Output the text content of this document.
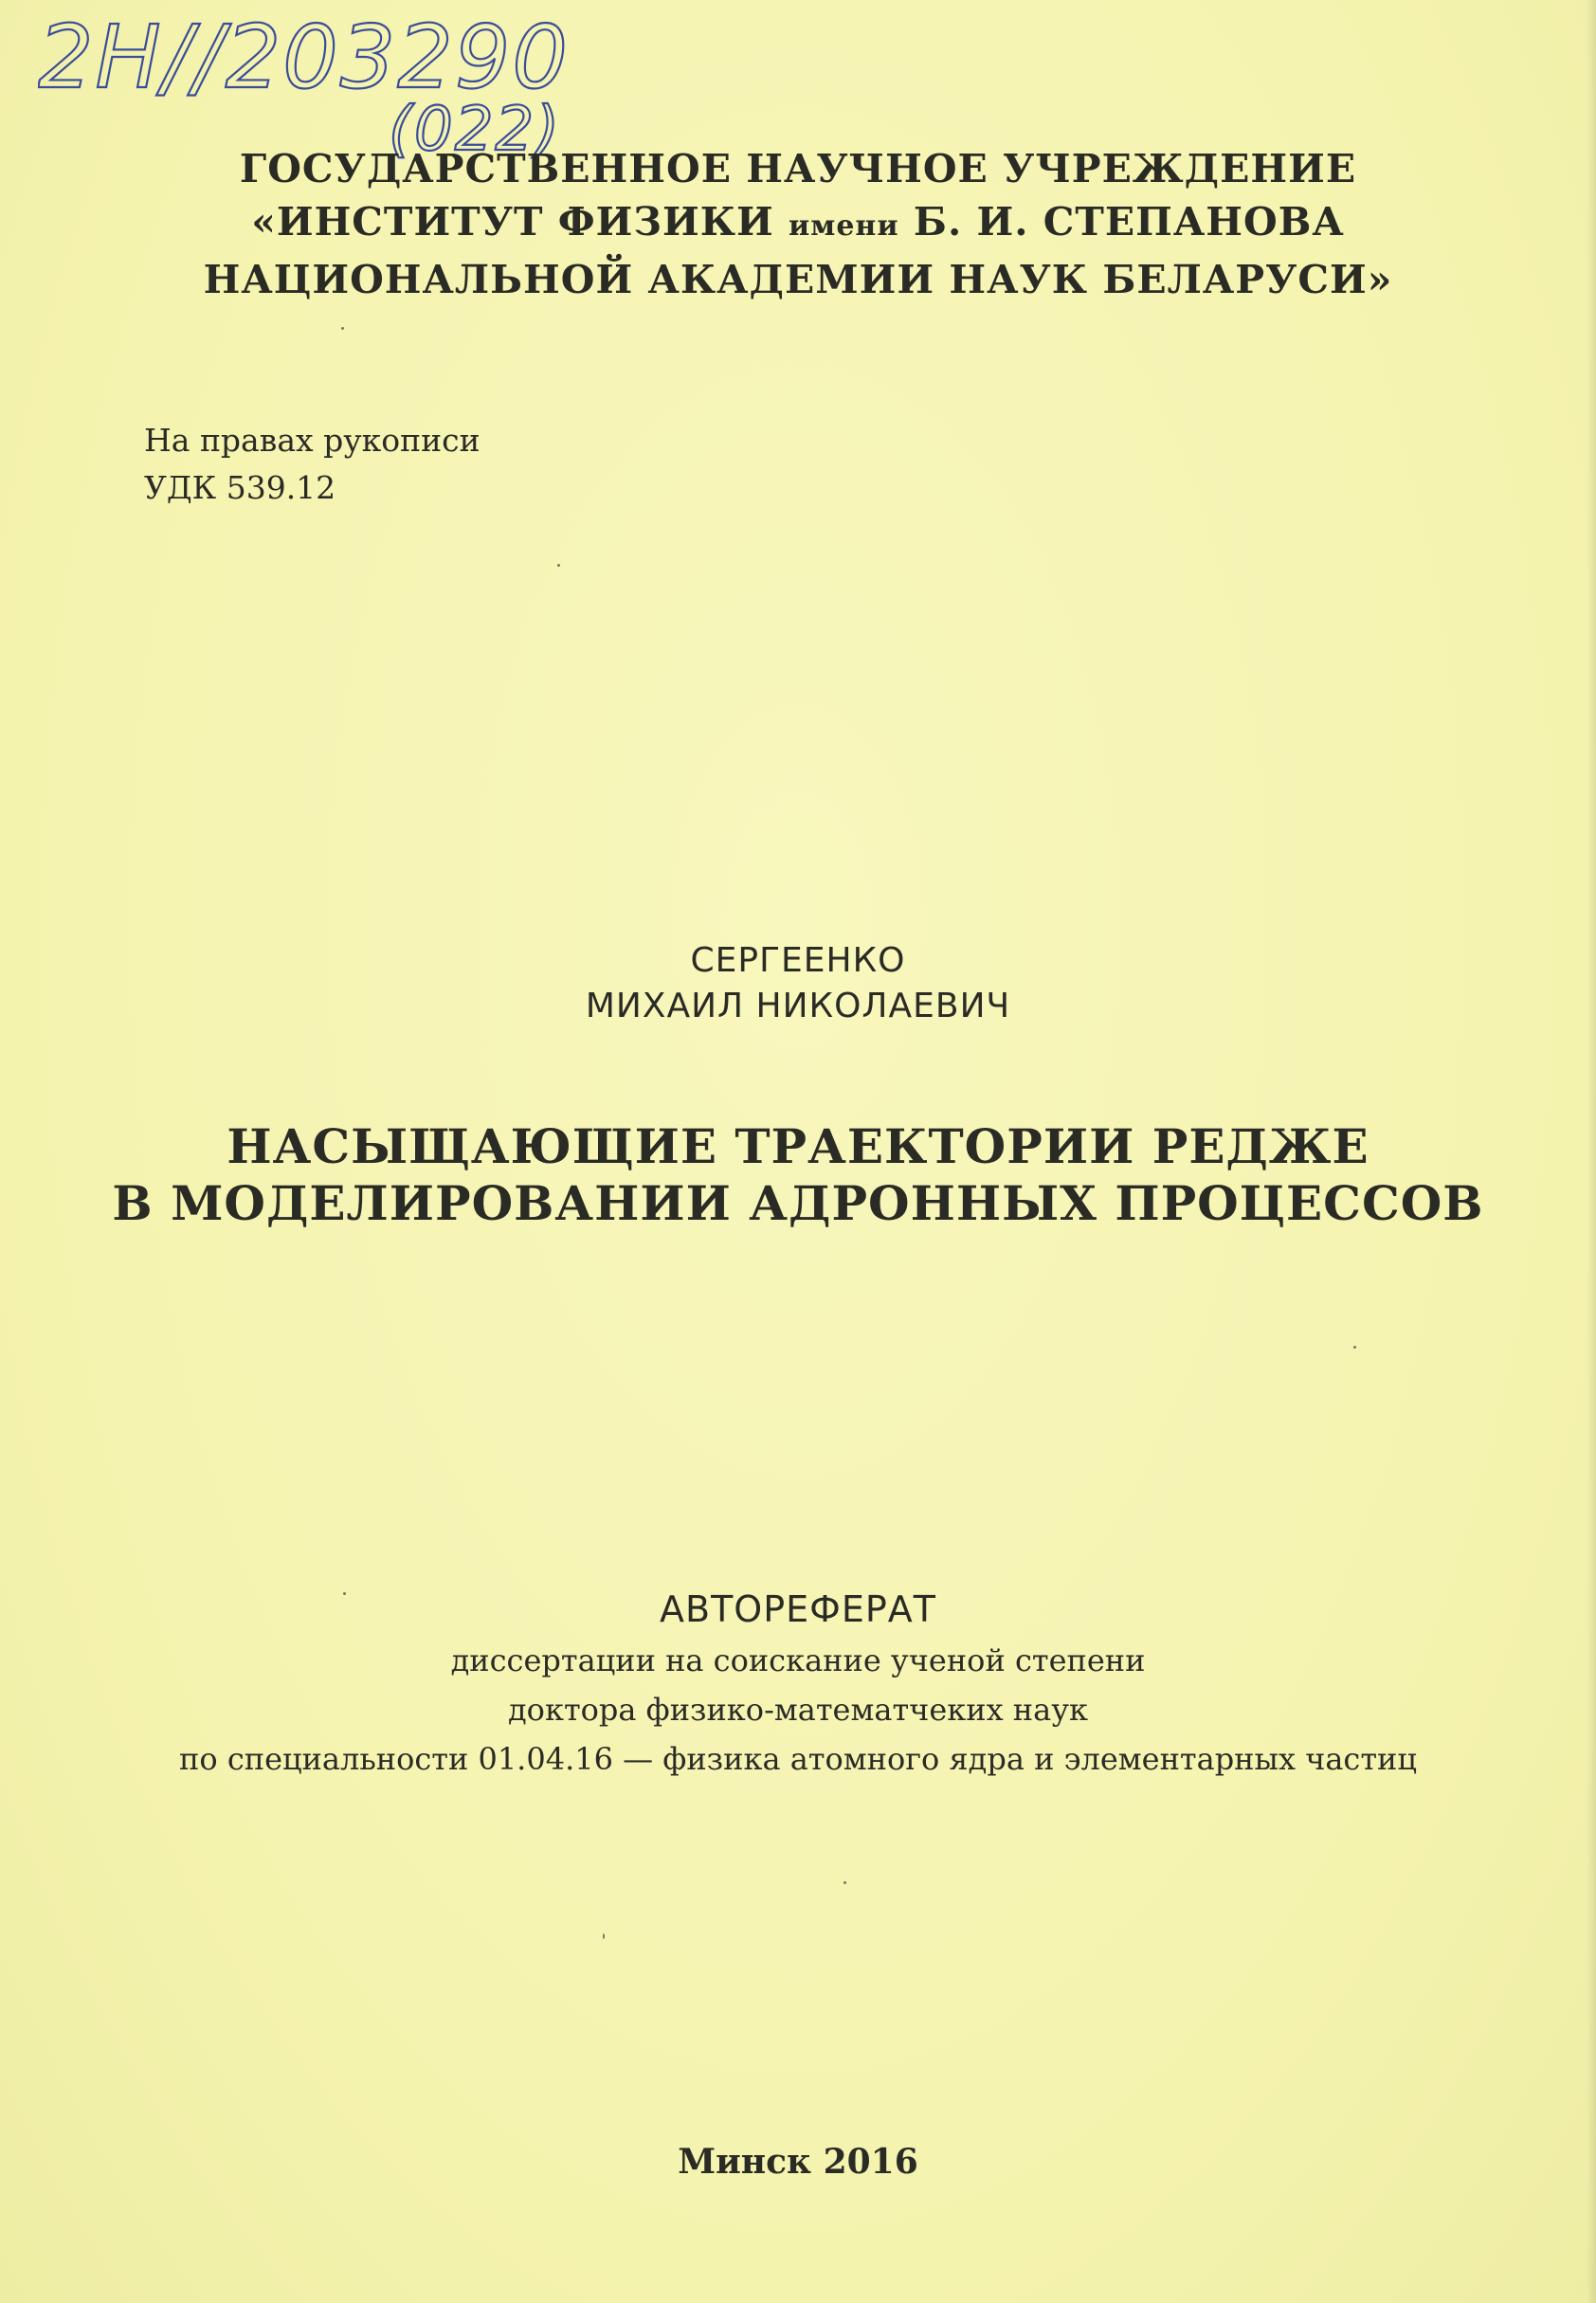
2Н//203290
(022)
ГОСУДАРСТВЕННОЕ НАУЧНОЕ УЧРЕЖДЕНИЕ
«ИНСТИТУТ ФИЗИКИ имени Б. И. СТЕПАНОВА
НАЦИОНАЛЬНОЙ АКАДЕМИИ НАУК БЕЛАРУСИ»
На правах рукописи
УДК 539.12
СЕРГЕЕНКО
МИХАИЛ НИКОЛАЕВИЧ
НАСЫЩАЮЩИЕ ТРАЕКТОРИИ РЕДЖЕ
В МОДЕЛИРОВАНИИ АДРОННЫХ ПРОЦЕССОВ
АВТОРЕФЕРАТ
диссертации на соискание ученой степени
доктора физико-математчеких наук
по специальности 01.04.16 — физика атомного ядра и элементарных частиц
Минск 2016
